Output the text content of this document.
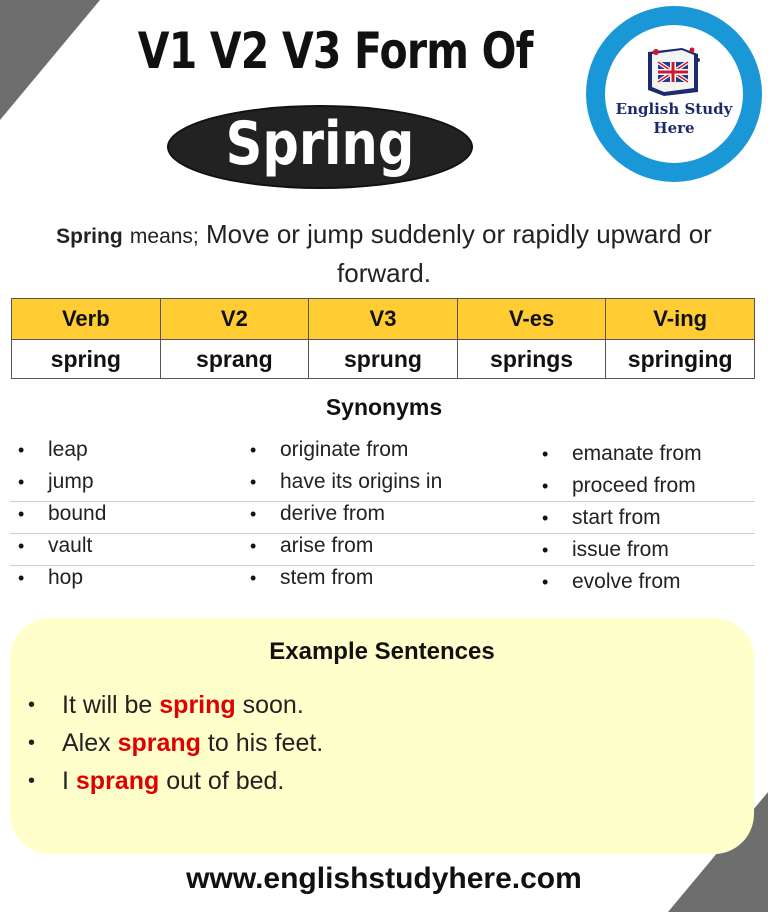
V1 V2 V3 Form Of
Spring	English Study
Here
Spring means; Move or jump suddenly or rapidly upward or forward.
Verb	V2	V3	V-es	V-ing
spring	sprang	sprung	springs	springing
Synonyms
• leap
• jump
• bound
• vault
• hop
• originate from
• have its origins in
• derive from
• arise from
• stem from
• emanate from
• proceed from
• start from
• issue from
• evolve from
Example Sentences
• It will be spring soon.
• Alex sprang to his feet.
• I sprang out of bed.
www.englishstudyhere.com
